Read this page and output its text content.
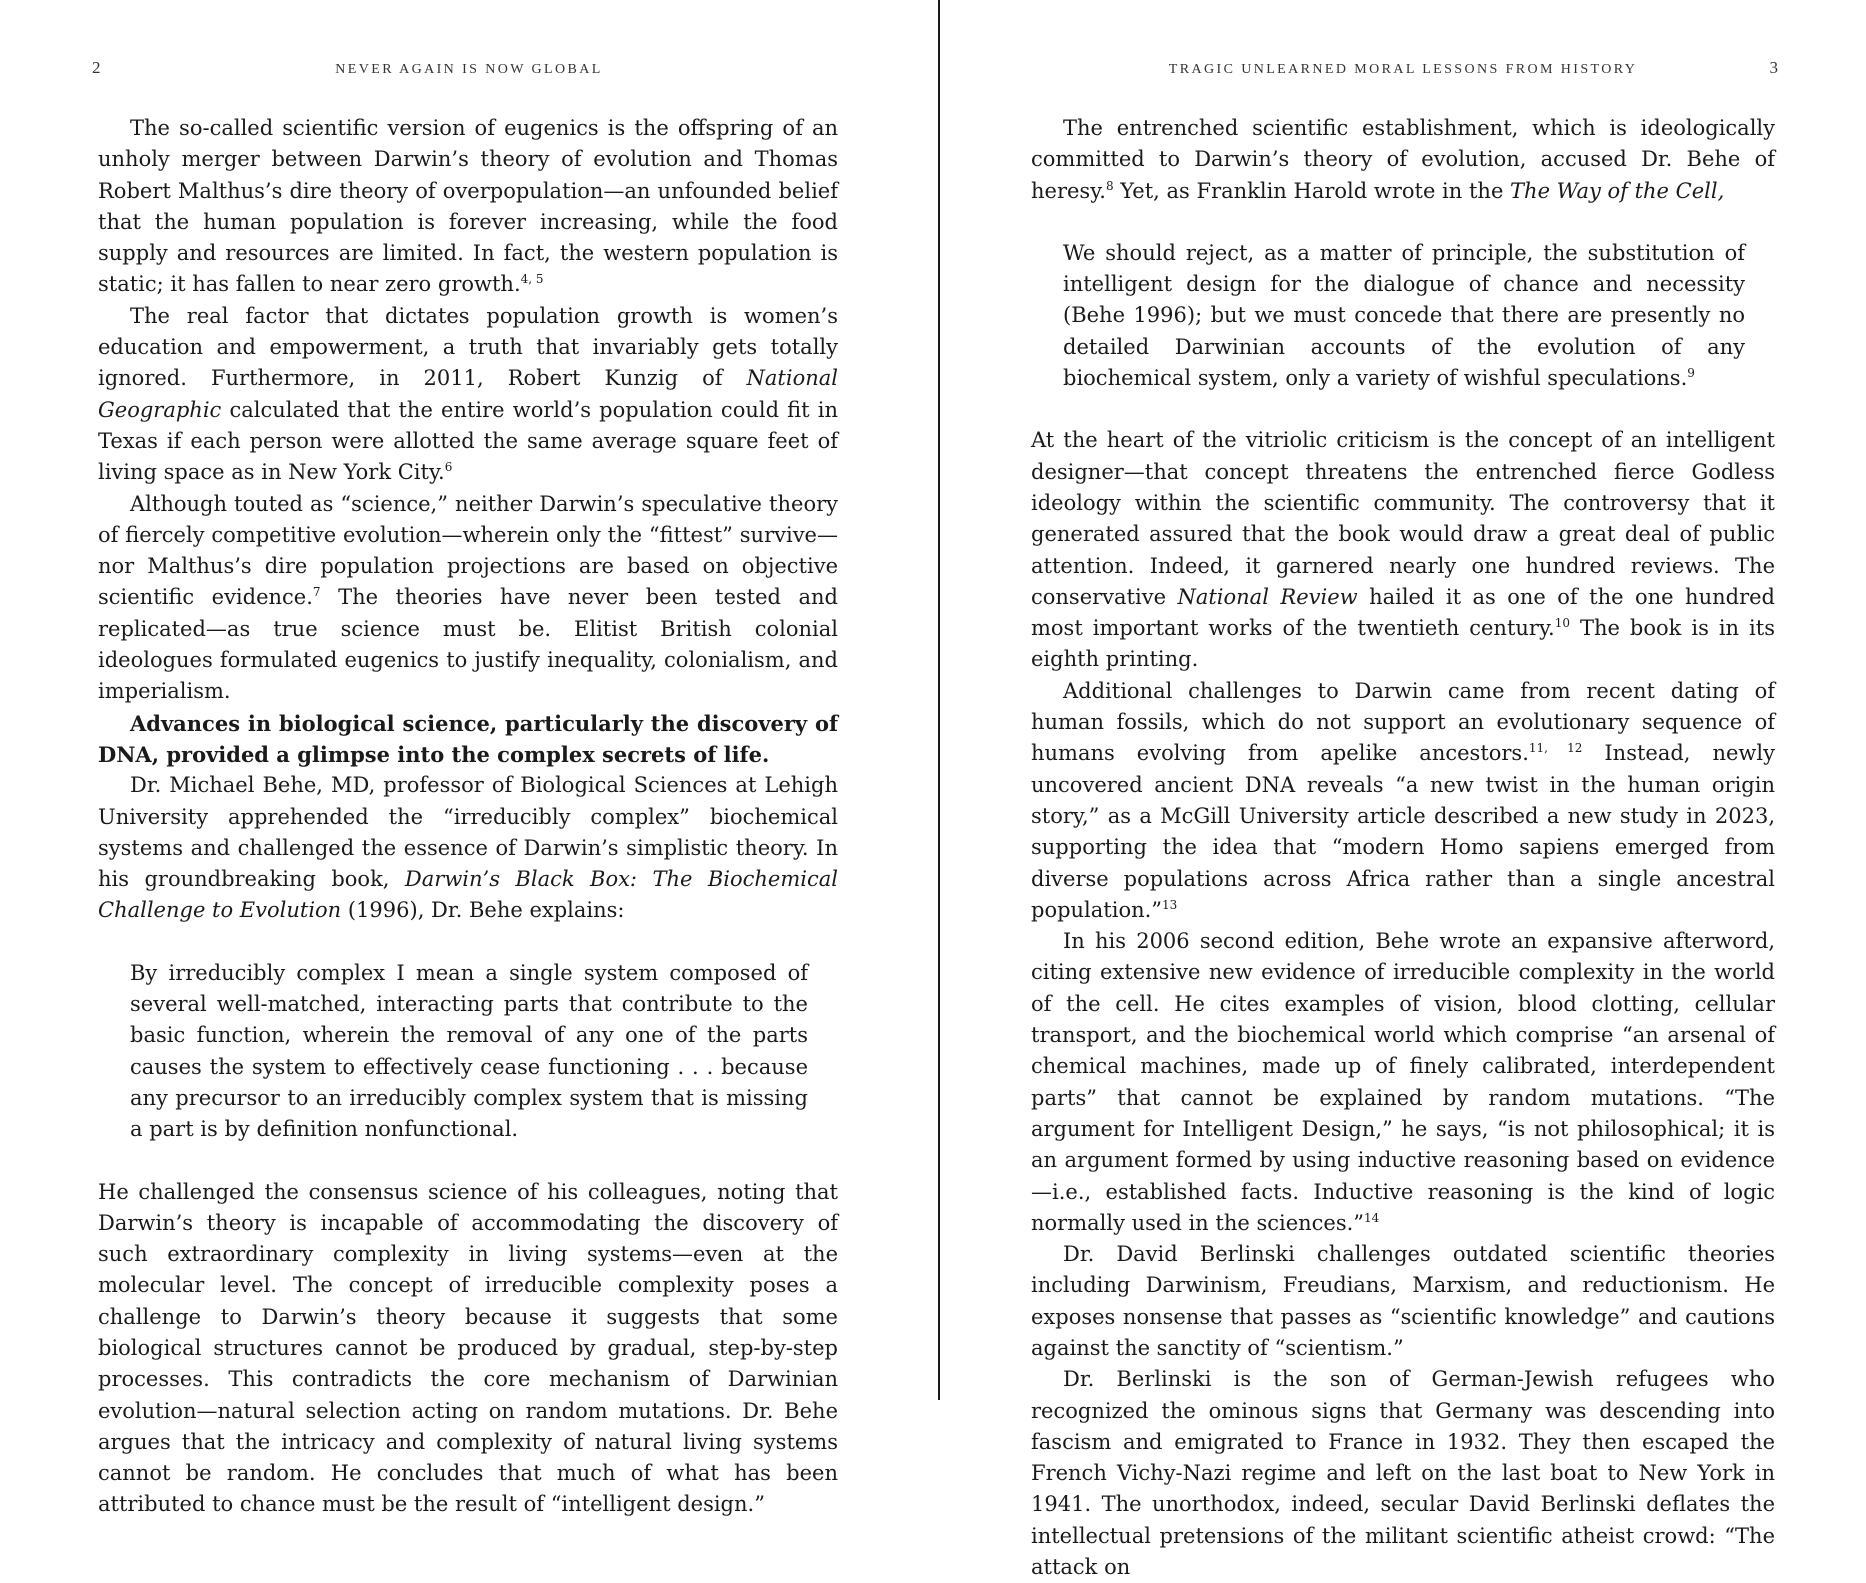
2	NEVER AGAIN IS NOW GLOBAL

The so-called scientific version of eugenics is the offspring of an unholy merger between Darwin’s theory of evolution and Thomas Robert Malthus’s dire theory of overpopulation—an unfounded belief that the human population is forever increasing, while the food supply and resources are limited. In fact, the western population is static; it has fallen to near zero growth.$^{4, 5}$

The real factor that dictates population growth is women’s education and empowerment, a truth that invariably gets totally ignored. Furthermore, in 2011, Robert Kunzig of National Geographic calculated that the entire world’s population could fit in Texas if each person were allotted the same average square feet of living space as in New York City.$^6$

Although touted as “science,” neither Darwin’s speculative theory of fiercely competitive evolution—wherein only the “fittest” survive—nor Malthus’s dire population projections are based on objective scientific evidence.$^7$ The theories have never been tested and replicated—as true science must be. Elitist British colonial ideologues formulated eugenics to justify inequality, colonialism, and imperialism.

Advances in biological science, particularly the discovery of DNA, provided a glimpse into the complex secrets of life.

Dr. Michael Behe, MD, professor of Biological Sciences at Lehigh University apprehended the “irreducibly complex” biochemical systems and challenged the essence of Darwin’s simplistic theory. In his groundbreaking book, Darwin’s Black Box: The Biochemical Challenge to Evolution (1996), Dr. Behe explains:

By irreducibly complex I mean a single system composed of several well-matched, interacting parts that contribute to the basic function, wherein the removal of any one of the parts causes the system to effectively cease functioning . . . because any precursor to an irreducibly complex system that is missing a part is by definition nonfunctional.

He challenged the consensus science of his colleagues, noting that Darwin’s theory is incapable of accommodating the discovery of such extraordinary complexity in living systems—even at the molecular level. The concept of irreducible complexity poses a challenge to Darwin’s theory because it suggests that some biological structures cannot be produced by gradual, step-by-step processes. This contradicts the core mechanism of Darwinian evolution—natural selection acting on random mutations. Dr. Behe argues that the intricacy and complexity of natural living systems cannot be random. He concludes that much of what has been attributed to chance must be the result of “intelligent design.”

TRAGIC UNLEARNED MORAL LESSONS FROM HISTORY	3

The entrenched scientific establishment, which is ideologically committed to Darwin’s theory of evolution, accused Dr. Behe of heresy.$^8$ Yet, as Franklin Harold wrote in the The Way of the Cell,

We should reject, as a matter of principle, the substitution of intelligent design for the dialogue of chance and necessity (Behe 1996); but we must concede that there are presently no detailed Darwinian accounts of the evolution of any biochemical system, only a variety of wishful speculations.$^9$

At the heart of the vitriolic criticism is the concept of an intelligent designer—that concept threatens the entrenched fierce Godless ideology within the scientific community. The controversy that it generated assured that the book would draw a great deal of public attention. Indeed, it garnered nearly one hundred reviews. The conservative National Review hailed it as one of the one hundred most important works of the twentieth century.$^{10}$ The book is in its eighth printing.

Additional challenges to Darwin came from recent dating of human fossils, which do not support an evolutionary sequence of humans evolving from apelike ancestors.$^{11, 12}$ Instead, newly uncovered ancient DNA reveals “a new twist in the human origin story,” as a McGill University article described a new study in 2023, supporting the idea that “modern Homo sapiens emerged from diverse populations across Africa rather than a single ancestral population.”$^{13}$

In his 2006 second edition, Behe wrote an expansive afterword, citing extensive new evidence of irreducible complexity in the world of the cell. He cites examples of vision, blood clotting, cellular transport, and the biochemical world which comprise “an arsenal of chemical machines, made up of finely calibrated, interdependent parts” that cannot be explained by random mutations. “The argument for Intelligent Design,” he says, “is not philosophical; it is an argument formed by using inductive reasoning based on evidence—i.e., established facts. Inductive reasoning is the kind of logic normally used in the sciences.”$^{14}$

Dr. David Berlinski challenges outdated scientific theories including Darwinism, Freudians, Marxism, and reductionism. He exposes nonsense that passes as “scientific knowledge” and cautions against the sanctity of “scientism.”

Dr. Berlinski is the son of German-Jewish refugees who recognized the ominous signs that Germany was descending into fascism and emigrated to France in 1932. They then escaped the French Vichy-Nazi regime and left on the last boat to New York in 1941. The unorthodox, indeed, secular David Berlinski deflates the intellectual pretensions of the militant scientific atheist crowd: “The attack on
